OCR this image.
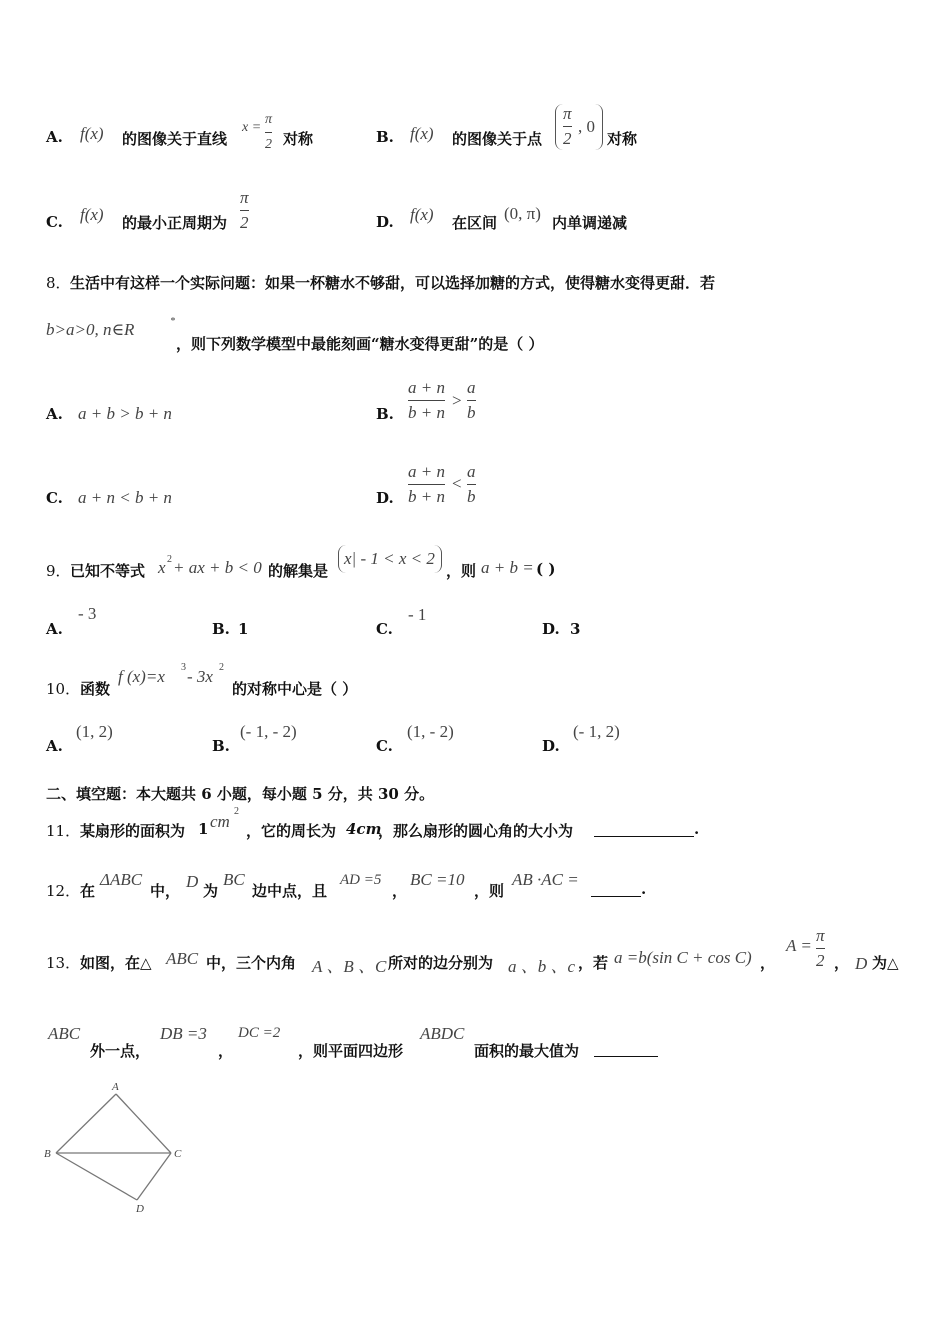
A. f(x) 的图像关于直线
x =
π
2 对称	B. f(x) 的图像关于点
π
2
, 0
对称
C. f(x) 的最小正周期为
π
2	D. f(x) 在区间 (0, π) 内单调递减
8． 生活中有这样一个实际问题：如果一杯糖水不够甜，可以选择加糖的方式，使得糖水变得更甜．若
b>a>0, n∈R	*
，则下列数学模型中最能刻画“糖水变得更甜”的是（ ）
A. a + b > b + n	B.
a + n
b + n
>
a
b
C. a + n < b + n	D.
a + n
b + n
<
a
b
9． 已知不等式 x 2 + ax + b < 0 的解集是
x| - 1 < x < 2
，则 a + b = ( )
A.
- 3
B. 1	C.
- 1
D. 3
10． 函数
f (x)=x 3 - 3x 2
的对称中心是（ ）
A.
(1, 2)
B.
(- 1, - 2)
C.
(1, - 2)
D.
(- 1, 2)
二、填空题：本大题共 6 小题，每小题 5 分，共 30 分。
11． 某扇形的面积为 1 cm
2
，它的周长为 4cm
，那么扇形的圆心角的大小为	.
12． 在
ΔABC
中， D 为
BC
边中点，且
AD =5
，
BC =10
，则
AB ·AC =	.
13． 如图，在△ ABC 中，三个内角 A 、B 、C 所对的边分别为 a 、b 、c ，若 a =b(sin C + cos C) ，
A =
π
2 ， D 为△
ABC
外一点，
DB =3
，
DC =2
，则平面四边形
ABDC
面积的最大值为
A
B	C
D
